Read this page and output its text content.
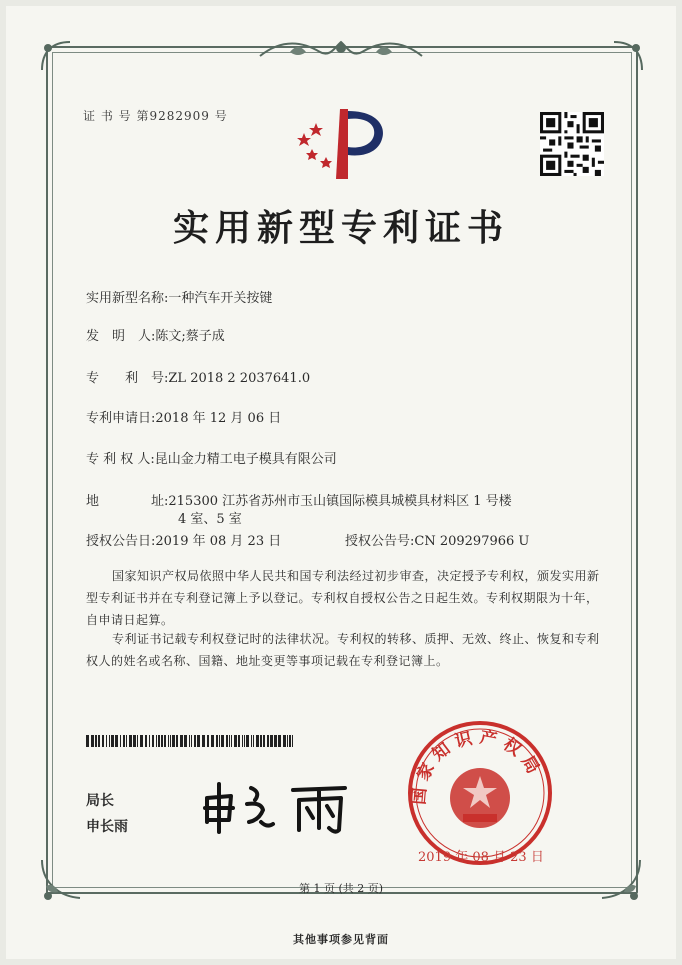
证 书 号 第9282909 号
实用新型专利证书
实用新型名称:一种汽车开关按键
发　明　人:陈文;蔡子成
专　　利　号:ZL 2018 2 2037641.0
专利申请日:2018 年 12 月 06 日
专 利 权 人:昆山金力精工电子模具有限公司
地　　　　址:215300 江苏省苏州市玉山镇国际模具城模具材料区 1 号楼
4 室、5 室
授权公告日:2019 年 08 月 23 日	授权公告号:CN 209297966 U
国家知识产权局依照中华人民共和国专利法经过初步审查，决定授予专利权，颁发实用新型专利证书并在专利登记簿上予以登记。专利权自授权公告之日起生效。专利权期限为十年，自申请日起算。
专利证书记载专利权登记时的法律状况。专利权的转移、质押、无效、终止、恢复和专利权人的姓名或名称、国籍、地址变更等事项记载在专利登记簿上。
局长
申长雨
国家知识产权局
2019 年 08 月 23 日
第 1 页 (共 2 页)
其他事项参见背面
